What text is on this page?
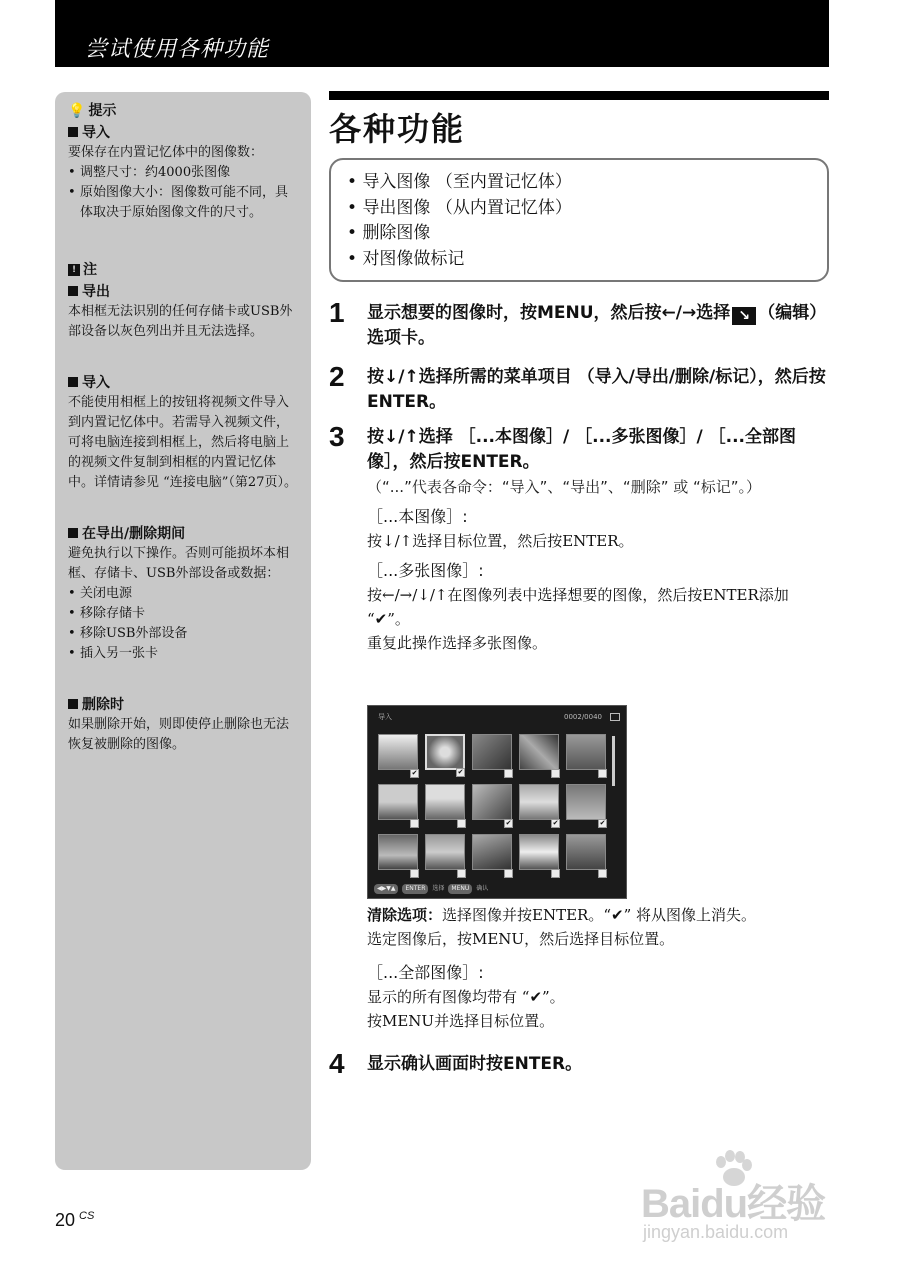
尝试使用各种功能
💡 提示
导入

要保存在内置记忆体中的图像数：

• 调整尺寸：约4000张图像
• 原始图像大小：图像数可能不同，具体取决于原始图像文件的尺寸。
! 注
导出

本相框无法识别的任何存储卡或USB外部设备以灰色列出并且无法选择。

导入

不能使用相框上的按钮将视频文件导入到内置记忆体中。若需导入视频文件，可将电脑连接到相框上，然后将电脑上的视频文件复制到相框的内置记忆体中。详情请参见 “连接电脑”（第27页）。

在导出/删除期间

避免执行以下操作。否则可能损坏本相框、存储卡、USB外部设备或数据：

• 关闭电源
• 移除存储卡
• 移除USB外部设备
• 插入另一张卡
删除时

如果删除开始，则即使停止删除也无法恢复被删除的图像。

各种功能
• 导入图像 （至内置记忆体）
• 导出图像 （从内置记忆体）
• 删除图像
• 对图像做标记
1 显示想要的图像时，按MENU，然后按←/→选择 ↘ （编辑）选项卡。
2 按↓/↑选择所需的菜单项目 （导入/导出/删除/标记），然后按ENTER。
3 按↓/↑选择 ［...本图像］/ ［...多张图像］/ ［...全部图像］，然后按ENTER。
（“...”代表各命令：“导入”、“导出”、“删除” 或 “标记”。）
［...本图像］:
按↓/↑选择目标位置，然后按ENTER。
［...多张图像］:
按←/→/↓/↑在图像列表中选择想要的图像，然后按ENTER添加 “✔”。
重复此操作选择多张图像。
导入	0002/0040
✔	✔
✔	✔	✔
◀▶▼▲	ENTER	选择	MENU	确认
清除选项：选择图像并按ENTER。“✔” 将从图像上消失。
选定图像后，按MENU，然后选择目标位置。
［...全部图像］:
显示的所有图像均带有 “✔”。
按MENU并选择目标位置。
4 显示确认画面时按ENTER。
20 $^{CS}$	Baidu经验
jingyan.baidu.com
